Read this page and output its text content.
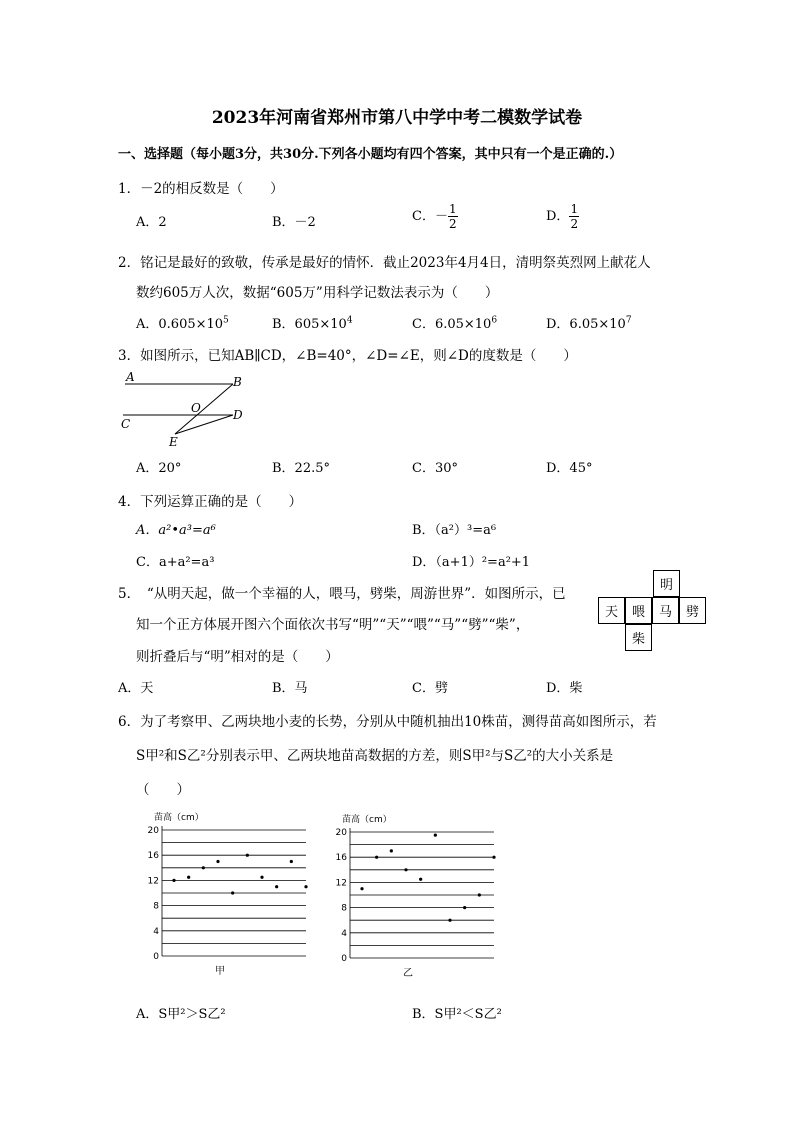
2023年河南省郑州市第八中学中考二模数学试卷
一、选择题（每小题3分，共30分.下列各小题均有四个答案，其中只有一个是正确的.）
1．－2的相反数是（　　）
A．2	B．－2	C．－ $\frac{1}{2}$	D． $\frac{1}{2}$
2．铭记是最好的致敬，传承是最好的情怀．截止2023年4月4日，清明祭英烈网上献花人
数约605万人次，数据“605万”用科学记数法表示为（　　）
A．$0.605\times 10^5$	B．$605\times 10^4$	C．$6.05\times 10^6$	D．$6.05\times 10^7$
3．如图所示，已知AB∥CD，∠B=40°，∠D=∠E，则∠D的度数是（　　）
A	B
C
D
O
E
A．20°	B．22.5°	C．30°	D．45°
4．下列运算正确的是（　　）
A．a²•a³=a⁶	B．（a²）³=a⁶
C．a+a²=a³	D．（a+1）²=a²+1
5．　“从明天起，做一个幸福的人，喂马，劈柴，周游世界”．如图所示，已
知一个正方体展开图六个面依次书写“明”“天”“喂”“马”“劈”“柴”，
则折叠后与“明”相对的是（　　）
明
天	喂	马	劈
柴
A．天	B．马	C．劈	D．柴
6．为了考察甲、乙两块地小麦的长势，分别从中随机抽出10株苗，测得苗高如图所示，若
S甲²和S乙²分别表示甲、乙两块地苗高数据的方差，则S甲²与S乙²的大小关系是
（　　）
苗高（cm）
0
4
8
12
16
20
甲
苗高（cm）
0
4
8
12
16
20
乙
A．S甲²＞S乙²	B．S甲²＜S乙²
